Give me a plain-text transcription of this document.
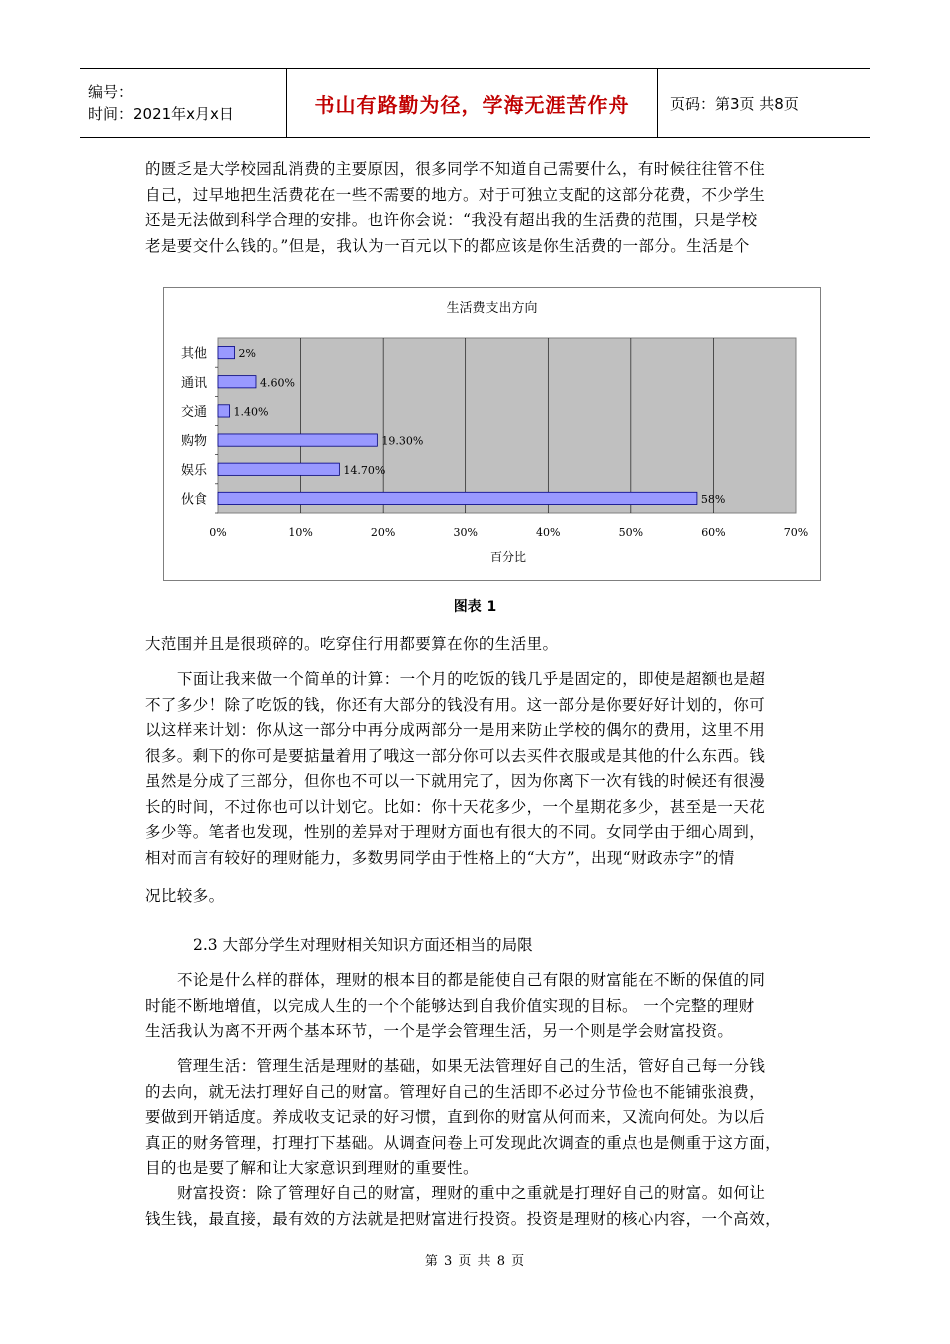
编号：
时间：2021年x月x日	书山有路勤为径，学海无涯苦作舟	页码：第3页 共8页

的匮乏是大学校园乱消费的主要原因，很多同学不知道自己需要什么，有时候往往管不住

自己，过早地把生活费花在一些不需要的地方。对于可独立支配的这部分花费，不少学生

还是无法做到科学合理的安排。也许你会说：“我没有超出我的生活费的范围，只是学校

老是要交什么钱的。”但是，我认为一百元以下的都应该是你生活费的一部分。生活是个

生活费支出方向
百分比
0%	10%	20%	30%	40%	50%	60%	70%
其他	2%
通讯	4.60%
交通 1.40%
购物	19.30%
娱乐	14.70%
伙食	58%
图表 1

大范围并且是很琐碎的。吃穿住行用都要算在你的生活里。

下面让我来做一个简单的计算：一个月的吃饭的钱几乎是固定的，即使是超额也是超

不了多少！除了吃饭的钱，你还有大部分的钱没有用。这一部分是你要好好计划的，你可

以这样来计划：你从这一部分中再分成两部分一是用来防止学校的偶尔的费用，这里不用

很多。剩下的你可是要掂量着用了哦这一部分你可以去买件衣服或是其他的什么东西。钱

虽然是分成了三部分，但你也不可以一下就用完了，因为你离下一次有钱的时候还有很漫

长的时间，不过你也可以计划它。比如：你十天花多少，一个星期花多少，甚至是一天花

多少等。笔者也发现，性别的差异对于理财方面也有很大的不同。女同学由于细心周到，

相对而言有较好的理财能力，多数男同学由于性格上的“大方”，出现“财政赤字”的情

况比较多。

2.3 大部分学生对理财相关知识方面还相当的局限

不论是什么样的群体，理财的根本目的都是能使自己有限的财富能在不断的保值的同

时能不断地增值，以完成人生的一个个能够达到自我价值实现的目标。 一个完整的理财

生活我认为离不开两个基本环节，一个是学会管理生活，另一个则是学会财富投资。

管理生活：管理生活是理财的基础，如果无法管理好自己的生活，管好自己每一分钱

的去向，就无法打理好自己的财富。管理好自己的生活即不必过分节俭也不能铺张浪费，

要做到开销适度。养成收支记录的好习惯，直到你的财富从何而来，又流向何处。为以后

真正的财务管理，打理打下基础。从调查问卷上可发现此次调查的重点也是侧重于这方面，

目的也是要了解和让大家意识到理财的重要性。

财富投资：除了管理好自己的财富，理财的重中之重就是打理好自己的财富。如何让

钱生钱，最直接，最有效的方法就是把财富进行投资。投资是理财的核心内容，一个高效，

第 3 页 共 8 页
